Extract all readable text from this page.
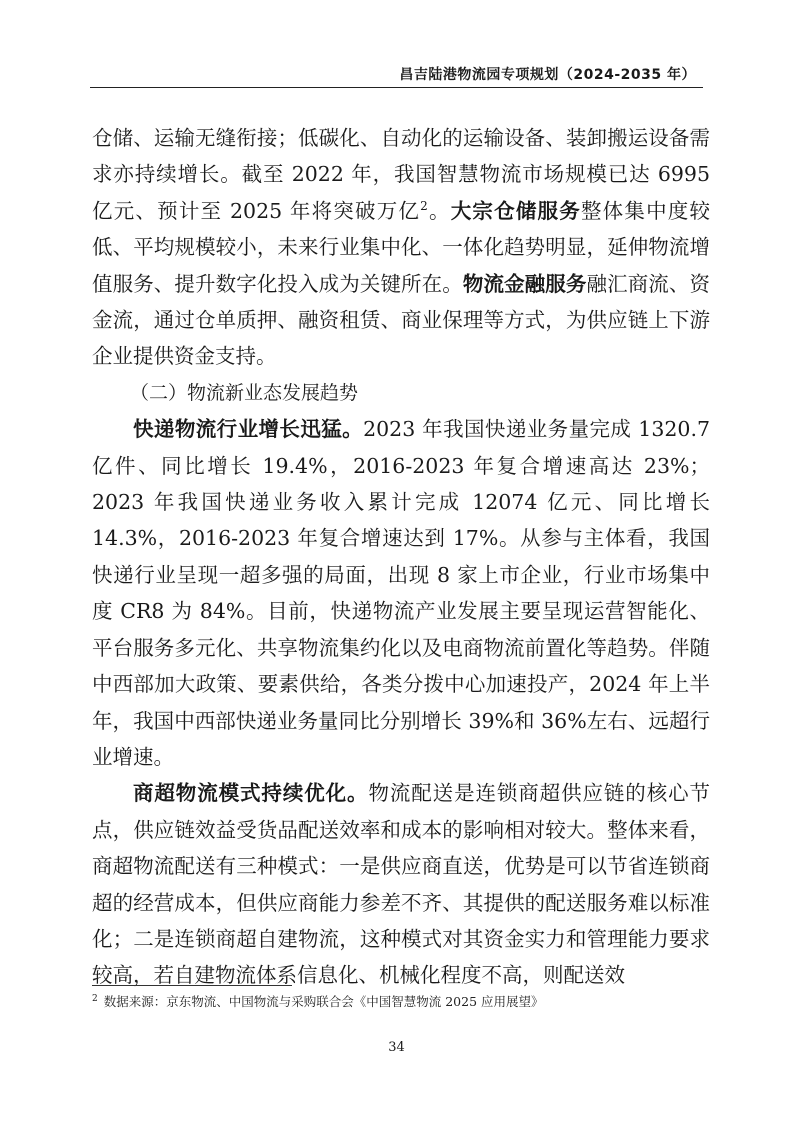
昌吉陆港物流园专项规划（2024-2035 年）

仓储、运输无缝衔接；低碳化、自动化的运输设备、装卸搬运设备需求亦持续增长。截至 2022 年，我国智慧物流市场规模已达 6995 亿元、预计至 2025 年将突破万亿$^2$。大宗仓储服务整体集中度较低、平均规模较小，未来行业集中化、一体化趋势明显，延伸物流增值服务、提升数字化投入成为关键所在。物流金融服务融汇商流、资金流，通过仓单质押、融资租赁、商业保理等方式，为供应链上下游企业提供资金支持。

（二）物流新业态发展趋势

快递物流行业增长迅猛。2023 年我国快递业务量完成 1320.7 亿件、同比增长 19.4%，2016-2023 年复合增速高达 23%；2023 年我国快递业务收入累计完成 12074 亿元、同比增长 14.3%，2016-2023 年复合增速达到 17%。从参与主体看，我国快递行业呈现一超多强的局面，出现 8 家上市企业，行业市场集中度 CR8 为 84%。目前，快递物流产业发展主要呈现运营智能化、平台服务多元化、共享物流集约化以及电商物流前置化等趋势。伴随中西部加大政策、要素供给，各类分拨中心加速投产，2024 年上半年，我国中西部快递业务量同比分别增长 39%和 36%左右、远超行业增速。

商超物流模式持续优化。物流配送是连锁商超供应链的核心节点，供应链效益受货品配送效率和成本的影响相对较大。整体来看，商超物流配送有三种模式：一是供应商直送，优势是可以节省连锁商超的经营成本，但供应商能力参差不齐、其提供的配送服务难以标准化；二是连锁商超自建物流，这种模式对其资金实力和管理能力要求较高，若自建物流体系信息化、机械化程度不高，则配送效

$^2$ 数据来源：京东物流、中国物流与采购联合会《中国智慧物流 2025 应用展望》
34
